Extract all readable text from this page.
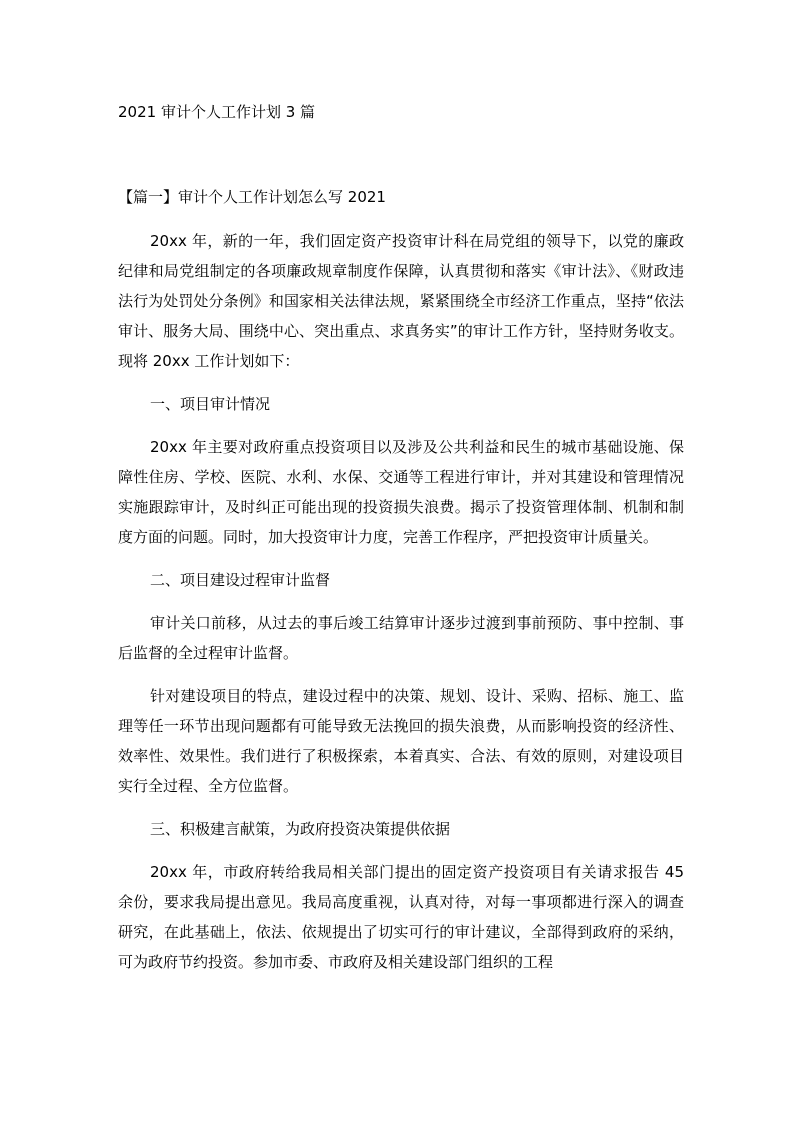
2021 审计个人工作计划 3 篇
【篇一】审计个人工作计划怎么写 2021

20xx 年，新的一年，我们固定资产投资审计科在局党组的领导下，以党的廉政纪律和局党组制定的各项廉政规章制度作保障，认真贯彻和落实《审计法》、《财政违法行为处罚处分条例》和国家相关法律法规，紧紧围绕全市经济工作重点，坚持“依法审计、服务大局、围绕中心、突出重点、求真务实”的审计工作方针，坚持财务收支。现将 20xx 工作计划如下：

一、项目审计情况

20xx 年主要对政府重点投资项目以及涉及公共利益和民生的城市基础设施、保障性住房、学校、医院、水利、水保、交通等工程进行审计，并对其建设和管理情况实施跟踪审计，及时纠正可能出现的投资损失浪费。揭示了投资管理体制、机制和制度方面的问题。同时，加大投资审计力度，完善工作程序，严把投资审计质量关。

二、项目建设过程审计监督

审计关口前移，从过去的事后竣工结算审计逐步过渡到事前预防、事中控制、事后监督的全过程审计监督。

针对建设项目的特点，建设过程中的决策、规划、设计、采购、招标、施工、监理等任一环节出现问题都有可能导致无法挽回的损失浪费，从而影响投资的经济性、效率性、效果性。我们进行了积极探索，本着真实、合法、有效的原则，对建设项目实行全过程、全方位监督。

三、积极建言献策，为政府投资决策提供依据

20xx 年，市政府转给我局相关部门提出的固定资产投资项目有关请求报告 45 余份，要求我局提出意见。我局高度重视，认真对待，对每一事项都进行深入的调查研究，在此基础上，依法、依规提出了切实可行的审计建议，全部得到政府的采纳，可为政府节约投资。参加市委、市政府及相关建设部门组织的工程
